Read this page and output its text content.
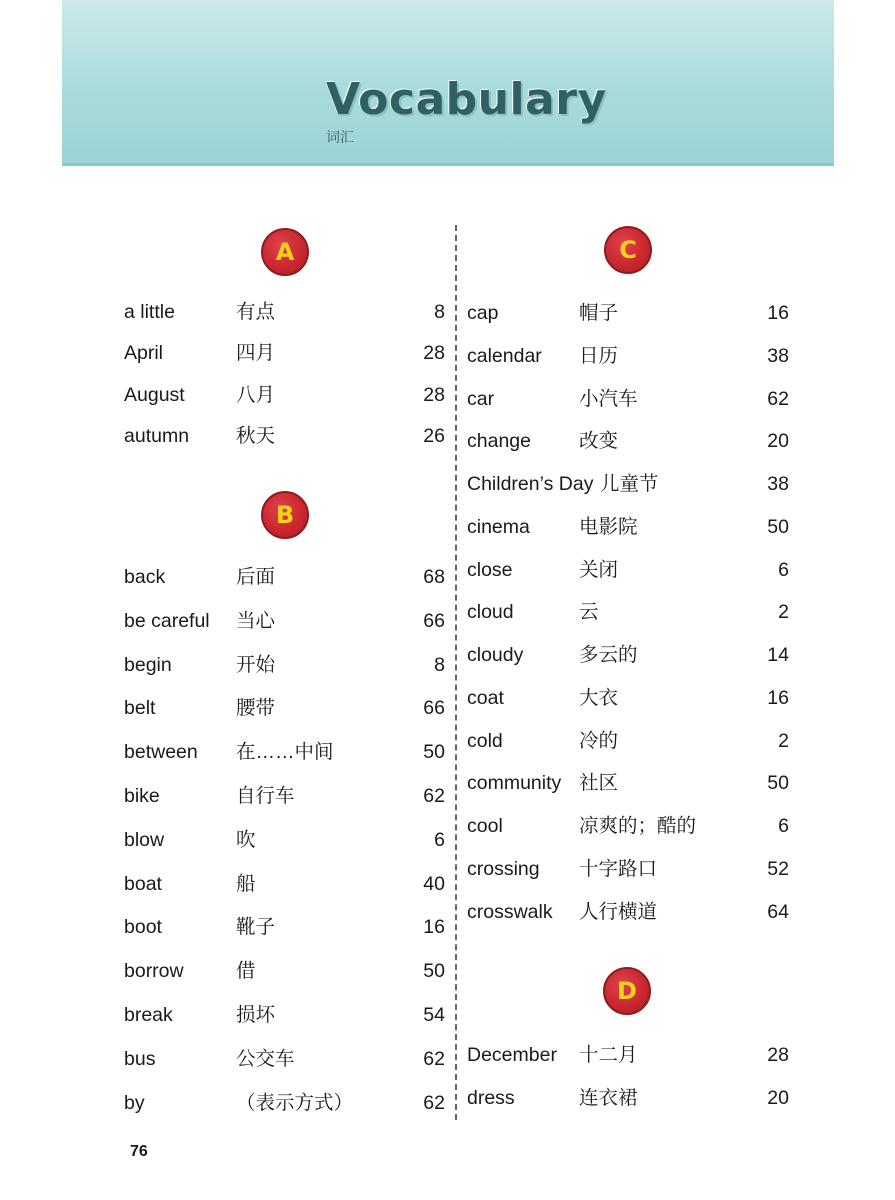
Vocabulary
词汇
A
a little	有点	8
April	四月	28
August	八月	28
autumn 秋天	26
B
back	后面	68
be careful 当心	66
begin	开始	8
belt	腰带	66
between 在……中间	50
bike	自行车	62
blow	吹	6
boat	船	40
boot	靴子	16
borrow	借	50
break	损坏	54
bus	公交车	62
by	（表示方式）	62
C
cap	帽子	16
calendar 日历	38
car	小汽车	62
change 改变	20
Children’s Day 儿童节	38
cinema	电影院	50
close	关闭	6
cloud	云	2
cloudy	多云的	14
coat	大衣	16
cold	冷的	2
community 社区	50
cool	凉爽的；酷的	6
crossing 十字路口	52
crosswalk 人行横道	64
D
December 十二月	28
dress	连衣裙	20
76
